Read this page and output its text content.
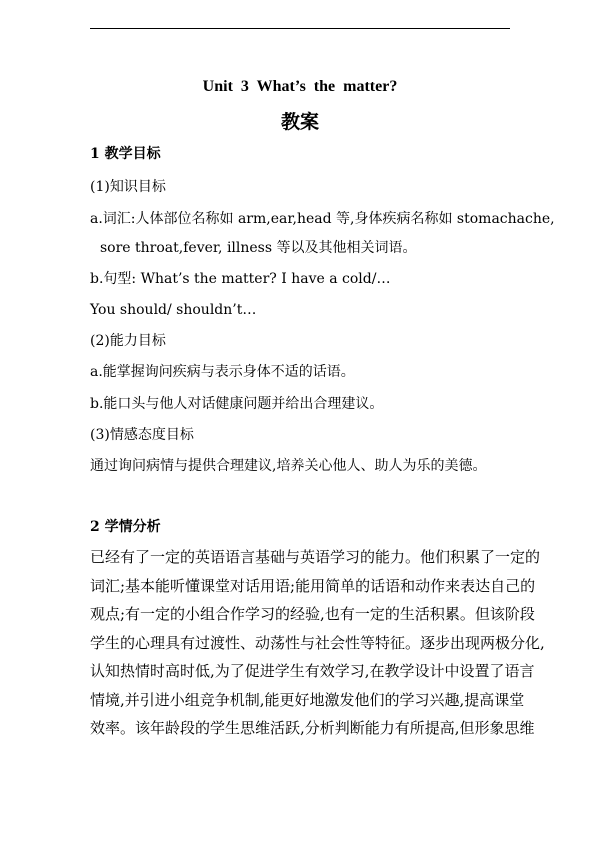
Unit 3 What’s the matter?
教案
1 教学目标
(1)知识目标
a.词汇:人体部位名称如 arm,ear,head 等,身体疾病名称如 stomachache,
sore throat,fever, illness 等以及其他相关词语。
b.句型: What’s the matter? I have a cold/…
You should/ shouldn’t…
(2)能力目标
a.能掌握询问疾病与表示身体不适的话语。
b.能口头与他人对话健康问题并给出合理建议。
(3)情感态度目标
通过询问病情与提供合理建议,培养关心他人、助人为乐的美德。
2 学情分析
已经有了一定的英语语言基础与英语学习的能力。他们积累了一定的
词汇;基本能听懂课堂对话用语;能用简单的话语和动作来表达自己的
观点;有一定的小组合作学习的经验,也有一定的生活积累。但该阶段
学生的心理具有过渡性、动荡性与社会性等特征。逐步出现两极分化,
认知热情时高时低,为了促进学生有效学习,在教学设计中设置了语言
情境,并引进小组竞争机制,能更好地激发他们的学习兴趣,提高课堂
效率。该年龄段的学生思维活跃,分析判断能力有所提高,但形象思维
